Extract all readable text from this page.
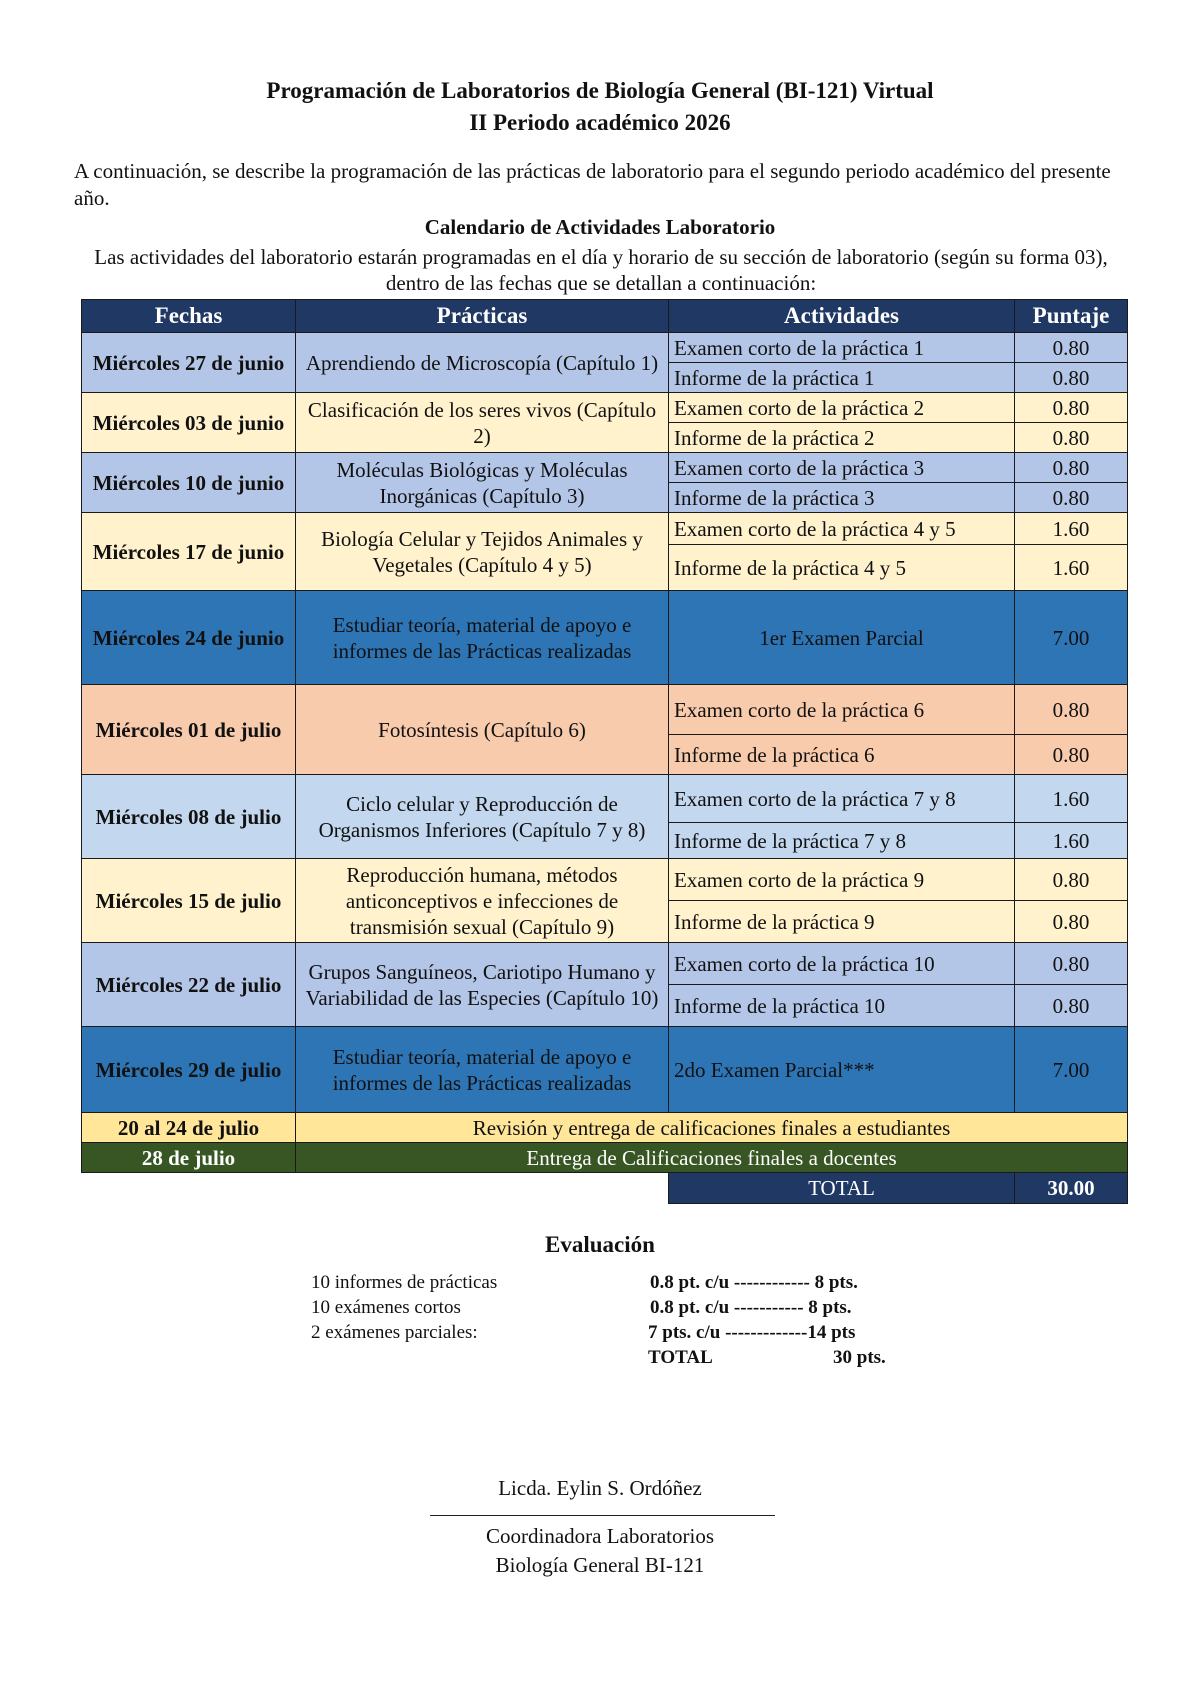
Programación de Laboratorios de Biología General (BI-121) Virtual
II Periodo académico 2026
A continuación, se describe la programación de las prácticas de laboratorio para el segundo periodo académico del presente año.
Calendario de Actividades Laboratorio
Las actividades del laboratorio estarán programadas en el día y horario de su sección de laboratorio (según su forma 03), dentro de las fechas que se detallan a continuación:
Fechas	Prácticas	Actividades	Puntaje
Miércoles 27 de junio	Aprendiendo de Microscopía (Capítulo 1)	Examen corto de la práctica 1	0.80
		Informe de la práctica 1	0.80
Miércoles 03 de junio	Clasificación de los seres vivos (Capítulo 2)	Examen corto de la práctica 2	0.80
		Informe de la práctica 2	0.80
Miércoles 10 de junio	Moléculas Biológicas y Moléculas Inorgánicas (Capítulo 3)	Examen corto de la práctica 3	0.80
		Informe de la práctica 3	0.80
Miércoles 17 de junio	Biología Celular y Tejidos Animales y Vegetales (Capítulo 4 y 5)	Examen corto de la práctica 4 y 5	1.60
		Informe de la práctica 4 y 5	1.60
Miércoles 24 de junio	Estudiar teoría, material de apoyo e informes de las Prácticas realizadas	1er Examen Parcial	7.00
Miércoles 01 de julio	Fotosíntesis (Capítulo 6)	Examen corto de la práctica 6	0.80
		Informe de la práctica 6	0.80
Miércoles 08 de julio	Ciclo celular y Reproducción de Organismos Inferiores (Capítulo 7 y 8)	Examen corto de la práctica 7 y 8	1.60
		Informe de la práctica 7 y 8	1.60
Miércoles 15 de julio	Reproducción humana, métodos anticonceptivos e infecciones de transmisión sexual (Capítulo 9)	Examen corto de la práctica 9	0.80
		Informe de la práctica 9	0.80
Miércoles 22 de julio	Grupos Sanguíneos, Cariotipo Humano y Variabilidad de las Especies (Capítulo 10)	Examen corto de la práctica 10	0.80
		Informe de la práctica 10	0.80
Miércoles 29 de julio	Estudiar teoría, material de apoyo e informes de las Prácticas realizadas	2do Examen Parcial***	7.00
20 al 24 de julio	Revisión y entrega de calificaciones finales a estudiantes		
28 de julio	Entrega de Calificaciones finales a docentes		
		TOTAL	30.00
Evaluación
10 informes de prácticas	0.8 pt. c/u ------------ 8 pts.
10 exámenes cortos	0.8 pt. c/u ----------- 8 pts.
2 exámenes parciales:	7 pts. c/u -------------14 pts
TOTAL	30 pts.
Licda. Eylin S. Ordóñez
Coordinadora Laboratorios
Biología General BI-121
